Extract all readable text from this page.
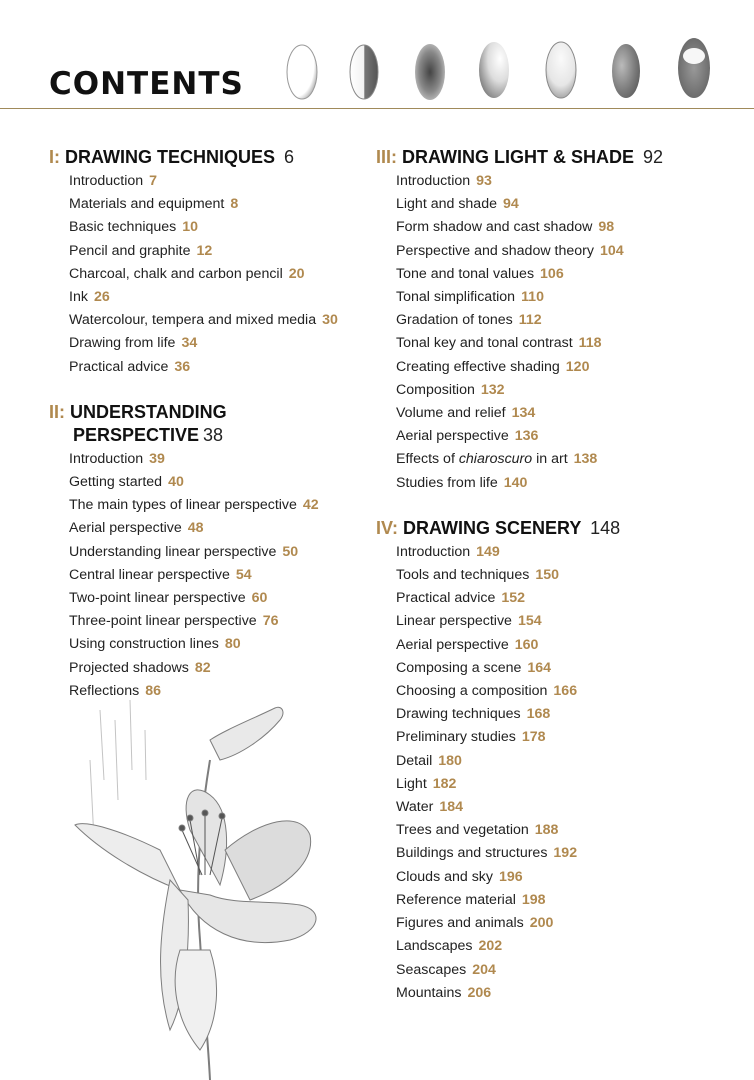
CONTENTS
I: DRAWING TECHNIQUES 6
Introduction 7
Materials and equipment 8
Basic techniques 10
Pencil and graphite 12
Charcoal, chalk and carbon pencil 20
Ink 26
Watercolour, tempera and mixed media 30
Drawing from life 34
Practical advice 36
II: UNDERSTANDING
PERSPECTIVE 38
Introduction 39
Getting started 40
The main types of linear perspective 42
Aerial perspective 48
Understanding linear perspective 50
Central linear perspective 54
Two-point linear perspective 60
Three-point linear perspective 76
Using construction lines 80
Projected shadows 82
Reflections 86
III: DRAWING LIGHT & SHADE 92
Introduction 93
Light and shade 94
Form shadow and cast shadow 98
Perspective and shadow theory 104
Tone and tonal values 106
Tonal simplification 110
Gradation of tones 112
Tonal key and tonal contrast 118
Creating effective shading 120
Composition 132
Volume and relief 134
Aerial perspective 136
Effects of chiaroscuro in art 138
Studies from life 140
IV: DRAWING SCENERY 148
Introduction 149
Tools and techniques 150
Practical advice 152
Linear perspective 154
Aerial perspective 160
Composing a scene 164
Choosing a composition 166
Drawing techniques 168
Preliminary studies 178
Detail 180
Light 182
Water 184
Trees and vegetation 188
Buildings and structures 192
Clouds and sky 196
Reference material 198
Figures and animals 200
Landscapes 202
Seascapes 204
Mountains 206
